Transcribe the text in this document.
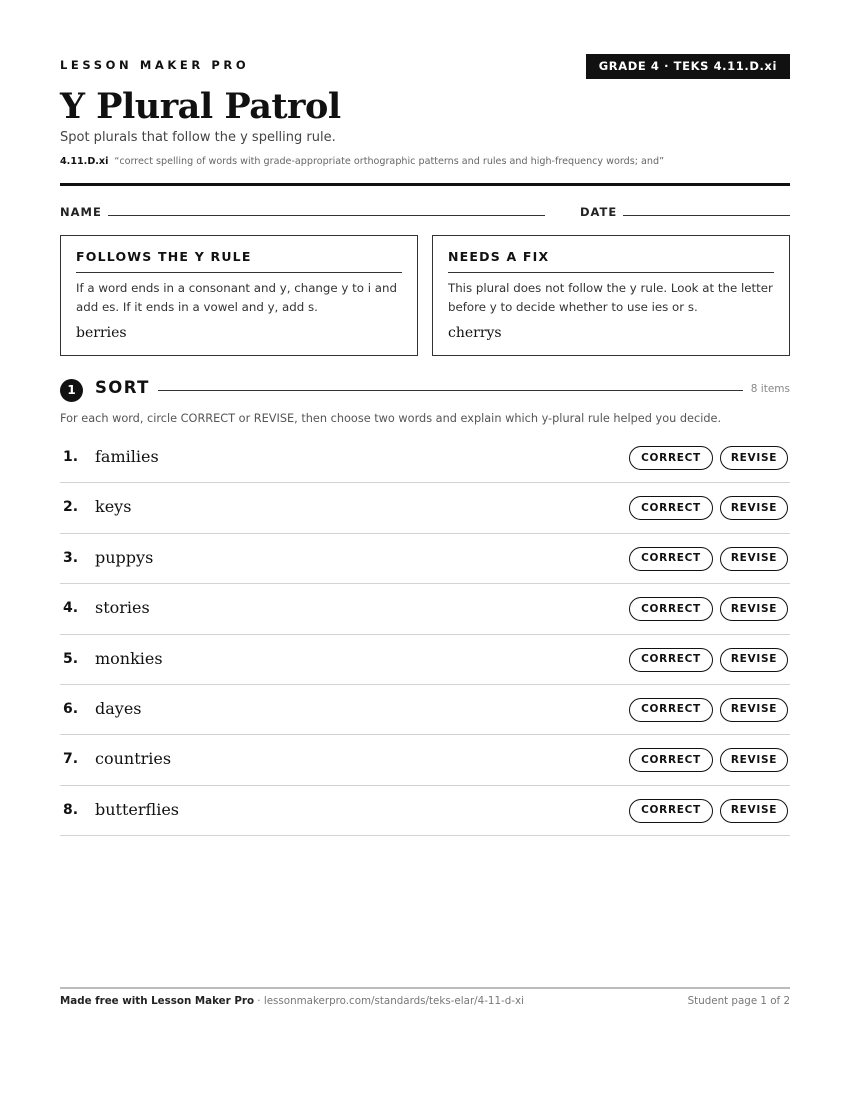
LESSON MAKER PRO	GRADE 4 · TEKS 4.11.D.xi
Y Plural Patrol
Spot plurals that follow the y spelling rule.
4.11.D.xi “correct spelling of words with grade-appropriate orthographic patterns and rules and high-frequency words; and”
NAME	DATE
FOLLOWS THE Y RULE
If a word ends in a consonant and y, change y to i and add es. If it ends in a vowel and y, add s.
berries
NEEDS A FIX
This plural does not follow the y rule. Look at the letter before y to decide whether to use ies or s.
cherrys
1	SORT	8 items
For each word, circle CORRECT or REVISE, then choose two words and explain which y-plural rule helped you decide.
1. families	CORRECT	REVISE
2. keys	CORRECT	REVISE
3. puppys	CORRECT	REVISE
4. stories	CORRECT	REVISE
5. monkies	CORRECT	REVISE
6. dayes	CORRECT	REVISE
7. countries	CORRECT	REVISE
8. butterflies	CORRECT	REVISE
Made free with Lesson Maker Pro · lessonmakerpro.com/standards/teks-elar/4-11-d-xi	Student page 1 of 2
